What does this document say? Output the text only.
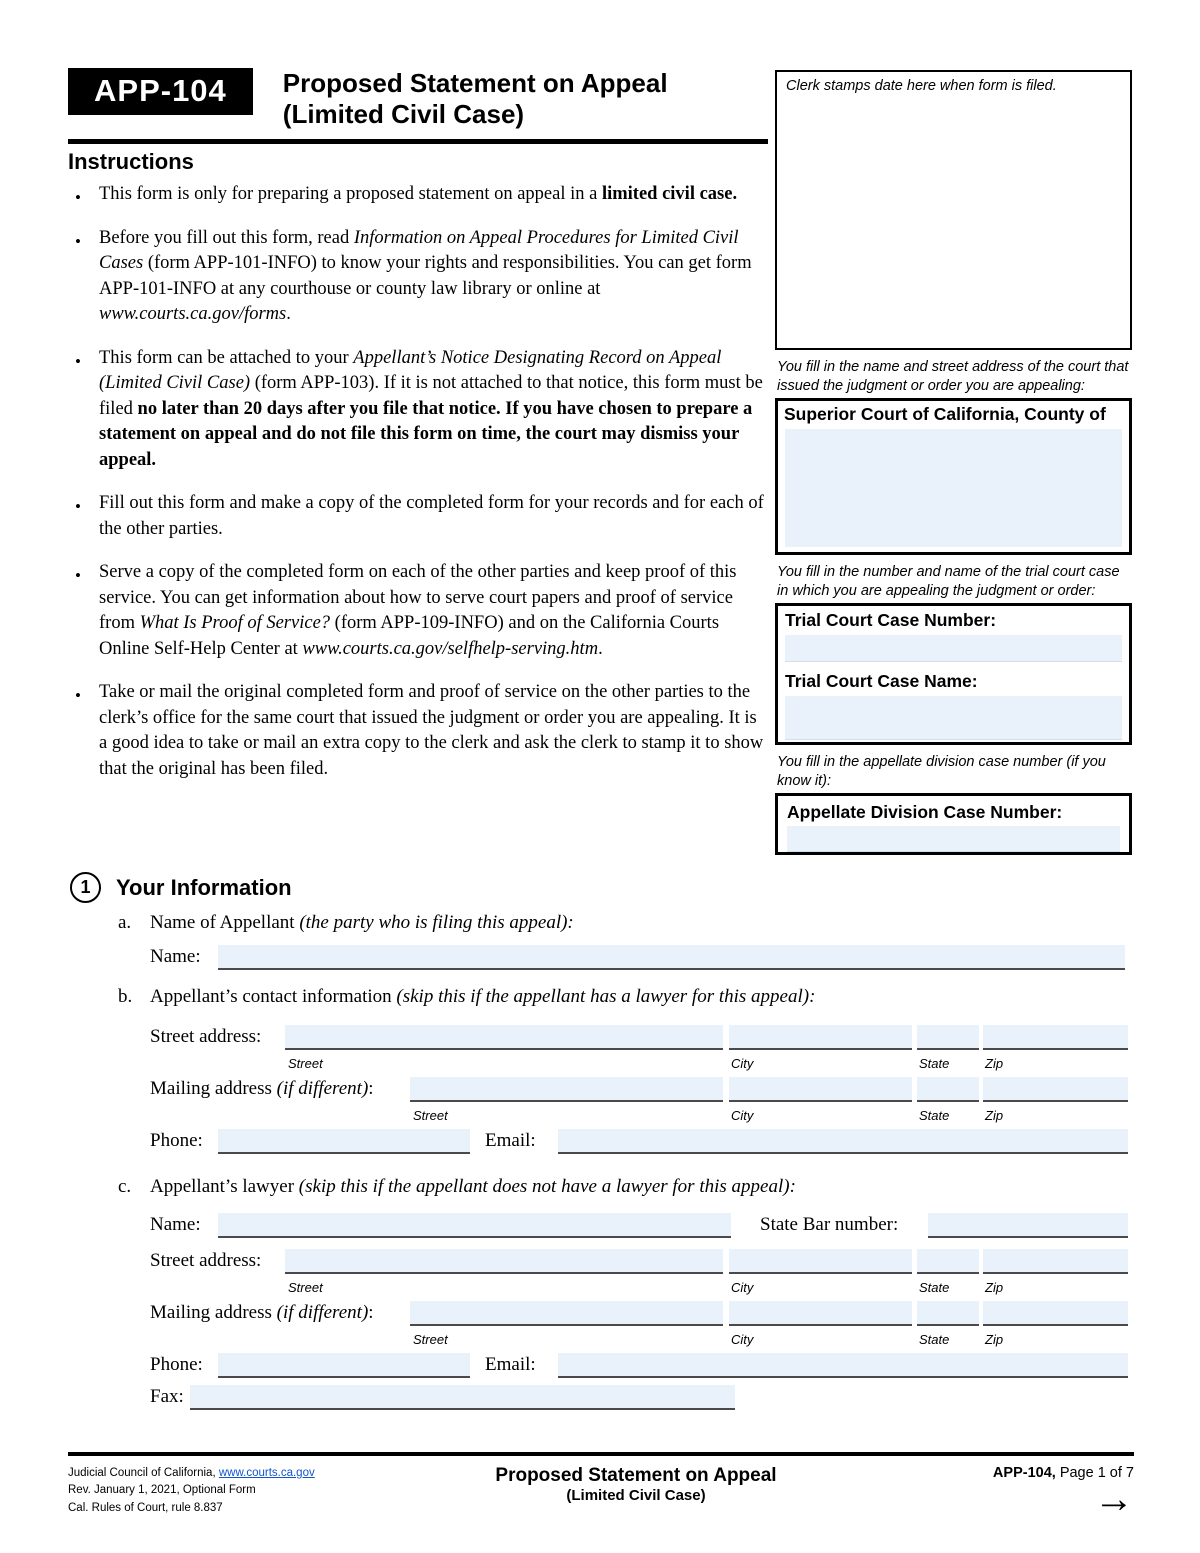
APP-104	Proposed Statement on Appeal
(Limited Civil Case)
Instructions
• This form is only for preparing a proposed statement on appeal in a limited civil case.
• Before you fill out this form, read Information on Appeal Procedures for Limited Civil Cases (form APP-101-INFO) to know your rights and responsibilities. You can get form APP-101-INFO at any courthouse or county law library or online at www.courts.ca.gov/forms.
• This form can be attached to your Appellant’s Notice Designating Record on Appeal (Limited Civil Case) (form APP-103). If it is not attached to that notice, this form must be filed no later than 20 days after you file that notice. If you have chosen to prepare a statement on appeal and do not file this form on time, the court may dismiss your appeal.
• Fill out this form and make a copy of the completed form for your records and for each of the other parties.
• Serve a copy of the completed form on each of the other parties and keep proof of this service. You can get information about how to serve court papers and proof of service from What Is Proof of Service? (form APP-109-INFO) and on the California Courts Online Self-Help Center at www.courts.ca.gov/selfhelp-serving.htm.
• Take or mail the original completed form and proof of service on the other parties to the clerk’s office for the same court that issued the judgment or order you are appealing. It is a good idea to take or mail an extra copy to the clerk and ask the clerk to stamp it to show that the original has been filed.
Clerk stamps date here when form is filed.
You fill in the name and street address of the court that issued the judgment or order you are appealing:
Superior Court of California, County of
You fill in the number and name of the trial court case in which you are appealing the judgment or order:
Trial Court Case Number:
Trial Court Case Name:
You fill in the appellate division case number (if you know it):
Appellate Division Case Number:
1	Your Information
a. Name of Appellant (the party who is filing this appeal):
Name:
b. Appellant’s contact information (skip this if the appellant has a lawyer for this appeal):
Street address:
Street	City	State	Zip
Mailing address (if different):
Street	City	State	Zip
Phone:	Email:
c. Appellant’s lawyer (skip this if the appellant does not have a lawyer for this appeal):
Name:	State Bar number:
Street address:
Street	City	State	Zip
Mailing address (if different):
Street	City	State	Zip
Phone:	Email:
Fax:
Judicial Council of California, www.courts.ca.gov
Rev. January 1, 2021, Optional Form
Cal. Rules of Court, rule 8.837
Proposed Statement on Appeal
(Limited Civil Case)
APP-104, Page 1 of 7
→
